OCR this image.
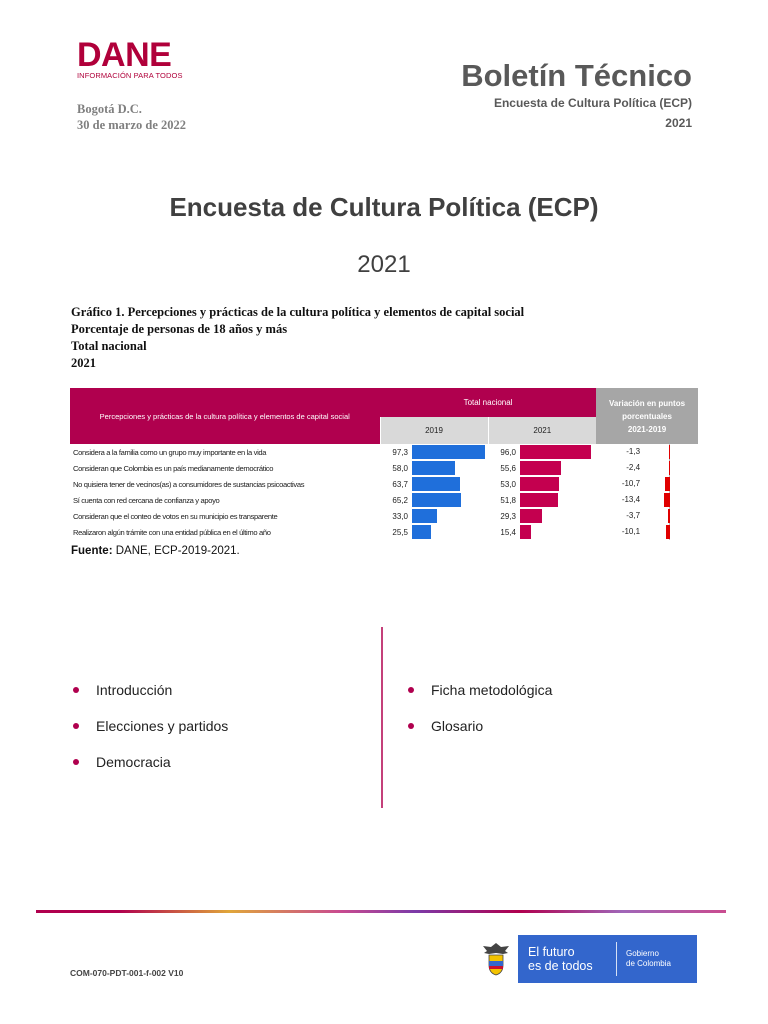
DANE
INFORMACIÓN PARA TODOS
Bogotá D.C.
30 de marzo de 2022
Boletín Técnico
Encuesta de Cultura Política (ECP)
2021
Encuesta de Cultura Política (ECP)
2021
Gráfico 1. Percepciones y prácticas de la cultura política y elementos de capital social
Porcentaje de personas de 18 años y más
Total nacional
2021
Percepciones y prácticas de la cultura política y elementos de capital social	Total nacional				Variación en puntos
porcentuales
2021-2019

	2019		2021		
Considera a la familia como un grupo muy importante en la vida	97,3		96,0		-1,3

Consideran que Colombia es un país medianamente democrático	58,0		55,6		-2,4

No quisiera tener de vecinos(as) a consumidores de sustancias psicoactivas	63,7		53,0		-10,7

Sí cuenta con red cercana de confianza y apoyo	65,2		51,8		-13,4

Consideran que el conteo de votos en su municipio es transparente	33,0		29,3		-3,7

Realizaron algún trámite con una entidad pública en el último año	25,5		15,4		-10,1
Fuente: DANE, ECP-2019-2021.
Introducción
Elecciones y partidos
Democracia
Ficha metodológica
Glosario
COM-070-PDT-001-f-002 V10
El futuro
es de todos
Gobierno
de Colombia
